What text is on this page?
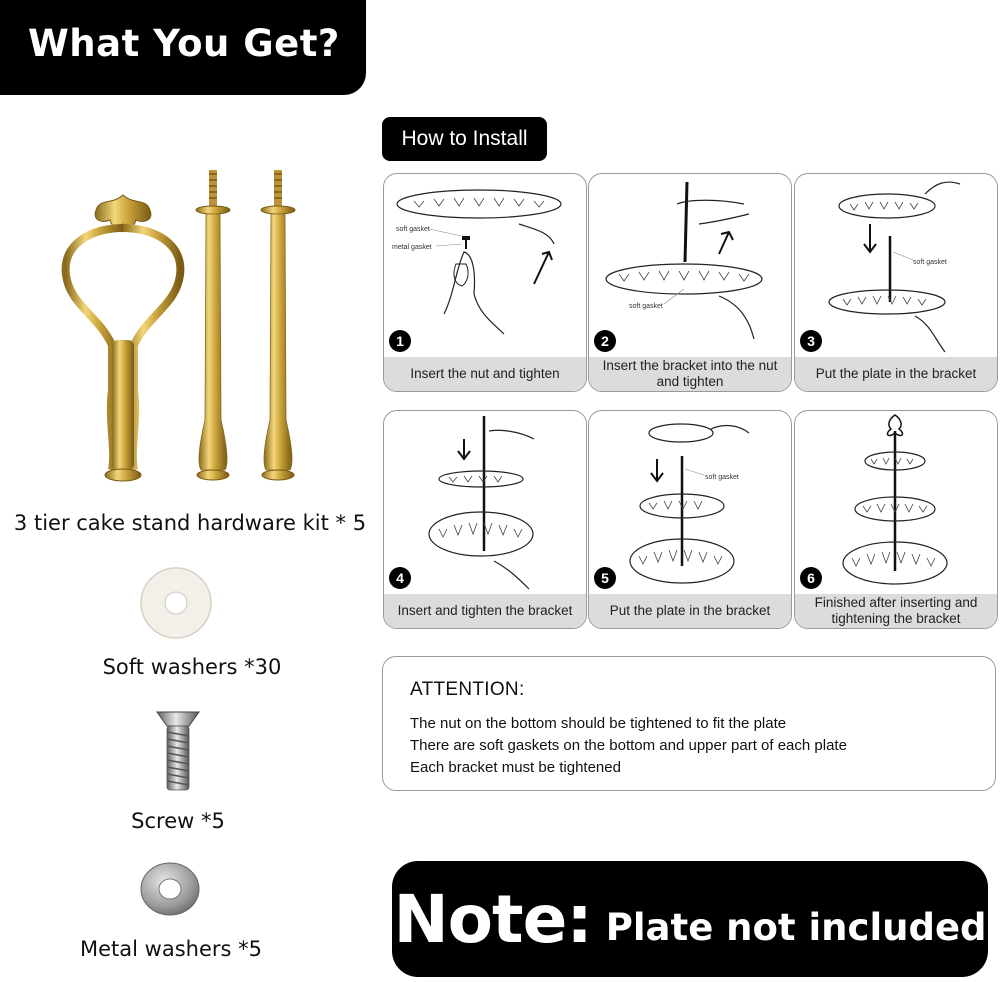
What You Get?
How to Install
3 tier cake stand hardware kit * 5
Soft washers *30
Screw *5
Metal washers *5
soft gasket
metal gasket
1
Insert the nut and tighten
soft gasket
2
Insert the bracket into the nut and tighten
soft gasket
3
Put the plate in the bracket
4
Insert and tighten the bracket
soft gasket
5
Put the plate in the bracket
6
Finished after inserting and tightening the bracket
ATTENTION:
The nut on the bottom should be tightened to fit the plate
There are soft gaskets on the bottom and upper part of each plate
Each bracket must be tightened
Note: Plate not included
